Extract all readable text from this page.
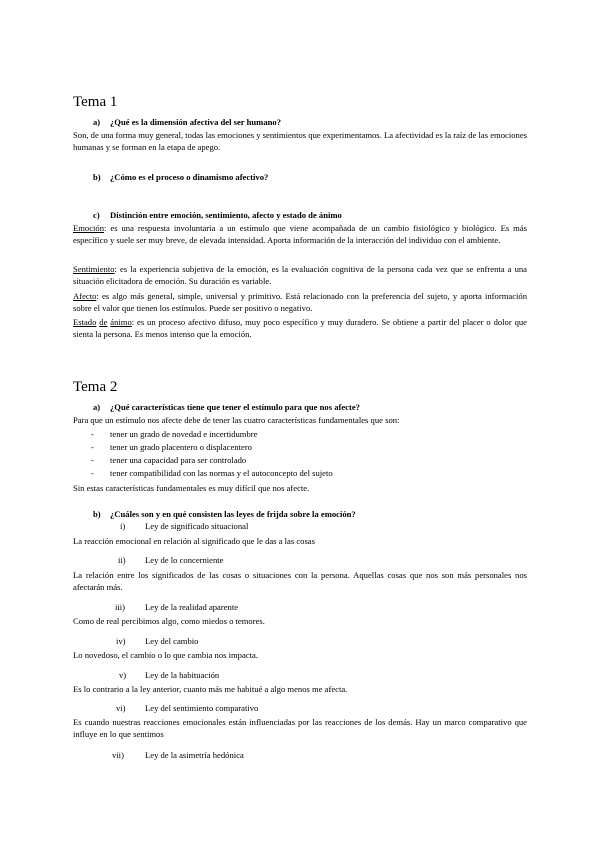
Tema 1
a) ¿Qué es la dimensión afectiva del ser humano?
Son, de una forma muy general, todas las emociones y sentimientos que experimentamos. La afectividad es la raíz de las emociones humanas y se forman en la etapa de apego.
b) ¿Cómo es el proceso o dinamismo afectivo?
c) Distinción entre emoción, sentimiento, afecto y estado de ánimo
Emoción: es una respuesta involuntaria a un estímulo que viene acompañada de un cambio fisiológico y biológico. Es más específico y suele ser muy breve, de elevada intensidad. Aporta información de la interacción del individuo con el ambiente.
Sentimiento: es la experiencia subjetiva de la emoción, es la evaluación cognitiva de la persona cada vez que se enfrenta a una situación elicitadora de emoción. Su duración es variable.
Afecto: es algo más general, simple, universal y primitivo. Está relacionado con la preferencia del sujeto, y aporta información sobre el valor que tienen los estímulos. Puede ser positivo o negativo.
Estado de ánimo: es un proceso afectivo difuso, muy poco específico y muy duradero. Se obtiene a partir del placer o dolor que sienta la persona. Es menos intenso que la emoción.
Tema 2
a) ¿Qué características tiene que tener el estímulo para que nos afecte?
Para que un estímulo nos afecte debe de tener las cuatro características fundamentales que son:
- tener un grado de novedad e incertidumbre
- tener un grado placentero o displacentero
- tener una capacidad para ser controlado
- tener compatibilidad con las normas y el autoconcepto del sujeto
Sin estas características fundamentales es muy difícil que nos afecte.
b) ¿Cuáles son y en qué consisten las leyes de frijda sobre la emoción?
i) Ley de significado situacional
La reacción emocional en relación al significado que le das a las cosas
ii) Ley de lo concerniente
La relación entre los significados de las cosas o situaciones con la persona. Aquellas cosas que nos son más personales nos afectarán más.
iii) Ley de la realidad aparente
Como de real percibimos algo, como miedos o temores.
iv) Ley del cambio
Lo novedoso, el cambio o lo que cambia nos impacta.
v) Ley de la habituación
Es lo contrario a la ley anterior, cuanto más me habitué a algo menos me afecta.
vi) Ley del sentimiento comparativo
Es cuando nuestras reacciones emocionales están influenciadas por las reacciones de los demás. Hay un marco comparativo que influye en lo que sentimos
vii) Ley de la asimetría hedónica
